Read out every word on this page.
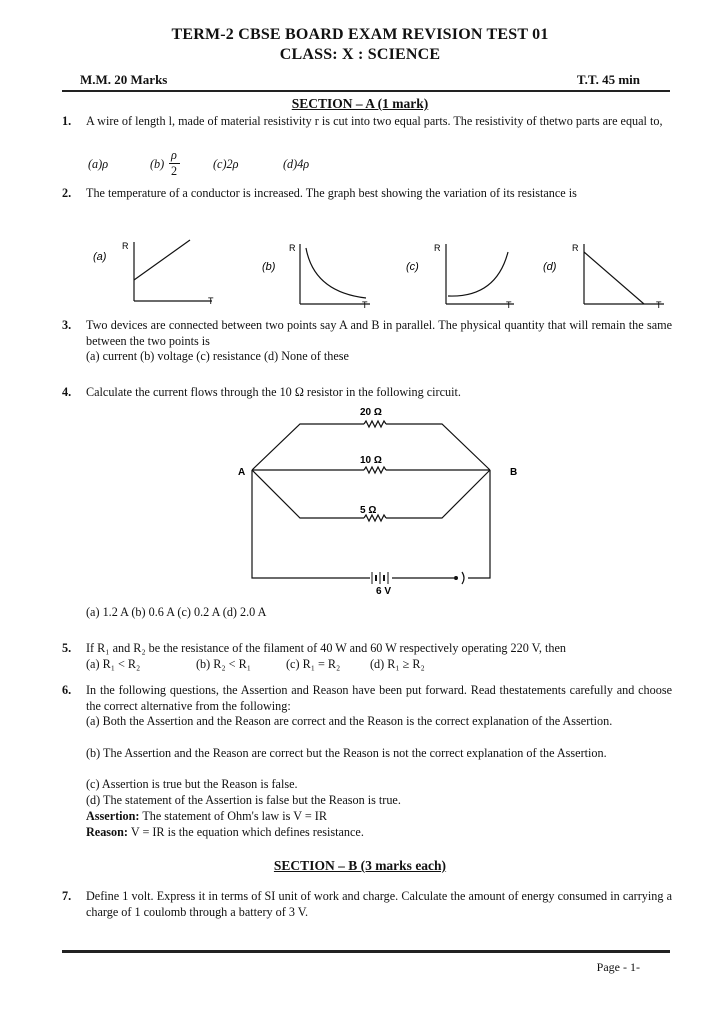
TERM-2 CBSE BOARD EXAM REVISION TEST 01
CLASS: X : SCIENCE
M.M. 20 Marks	T.T. 45 min
SECTION – A (1 mark)
1. A wire of length l, made of material resistivity r is cut into two equal parts. The resistivity of thetwo parts are equal to,
(a)ρ	(b)
ρ
2	(c)2ρ	(d)4ρ
2. The temperature of a conductor is increased. The graph best showing the variation of its resistance is
(a)
R
T
(b)
R
T
(c)
R
T
(d)
R
T
3. Two devices are connected between two points say A and B in parallel. The physical quantity that will remain the same between the two points is
(a) current (b) voltage (c) resistance (d) None of these
4. Calculate the current flows through the 10 Ω resistor in the following circuit.
20 Ω
10 Ω
5 Ω
A	B
6 V
(a) 1.2 A (b) 0.6 A (c) 0.2 A (d) 2.0 A
5. If R₁ and R₂ be the resistance of the filament of 40 W and 60 W respectively operating 220 V, then
(a) R₁ < R₂	(b) R₂ < R₁	(c) R₁ = R₂ (d) R₁ ≥ R₂
6. In the following questions, the Assertion and Reason have been put forward. Read thestatements carefully and choose the correct alternative from the following:
(a) Both the Assertion and the Reason are correct and the Reason is the correct explanation of the Assertion.
(b) The Assertion and the Reason are correct but the Reason is not the correct explanation of the Assertion.
(c) Assertion is true but the Reason is false.
(d) The statement of the Assertion is false but the Reason is true.
Assertion: The statement of Ohm's law is V = IR
Reason: V = IR is the equation which defines resistance.
SECTION – B (3 marks each)
7. Define 1 volt. Express it in terms of SI unit of work and charge. Calculate the amount of energy consumed in carrying a charge of 1 coulomb through a battery of 3 V.
Page - 1-
